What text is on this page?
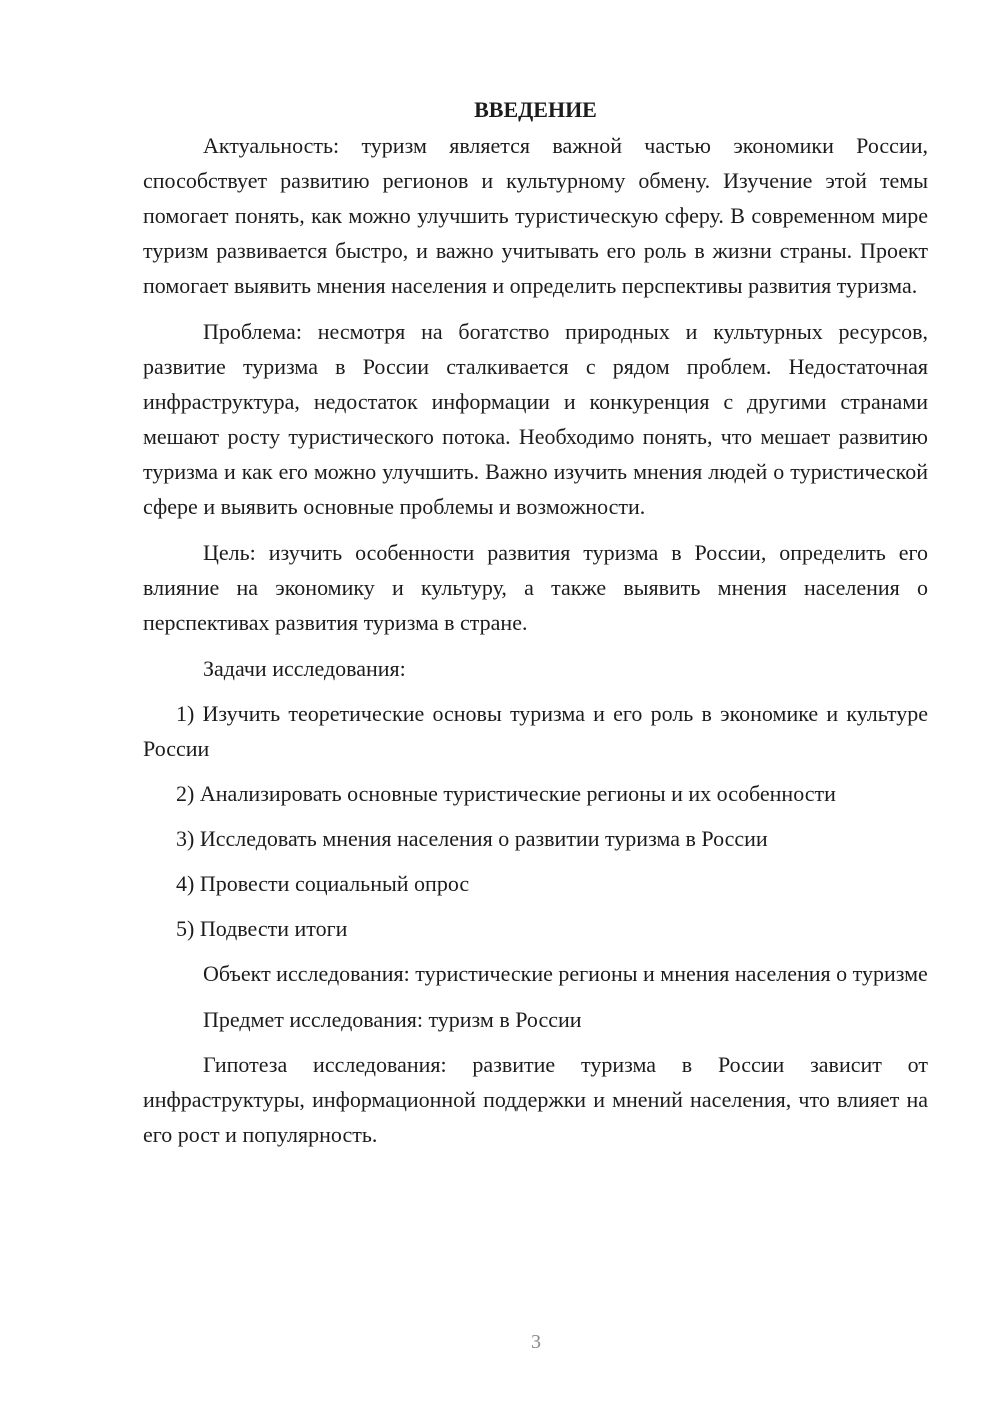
ВВЕДЕНИЕ

Актуальность: туризм является важной частью экономики России, способствует развитию регионов и культурному обмену. Изучение этой темы помогает понять, как можно улучшить туристическую сферу. В современном мире туризм развивается быстро, и важно учитывать его роль в жизни страны. Проект помогает выявить мнения населения и определить перспективы развития туризма.

Проблема: несмотря на богатство природных и культурных ресурсов, развитие туризма в России сталкивается с рядом проблем. Недостаточная инфраструктура, недостаток информации и конкуренция с другими странами мешают росту туристического потока. Необходимо понять, что мешает развитию туризма и как его можно улучшить. Важно изучить мнения людей о туристической сфере и выявить основные проблемы и возможности.

Цель: изучить особенности развития туризма в России, определить его влияние на экономику и культуру, а также выявить мнения населения о перспективах развития туризма в стране.

Задачи исследования:

1) Изучить теоретические основы туризма и его роль в экономике и культуре России

2) Анализировать основные туристические регионы и их особенности

3) Исследовать мнения населения о развитии туризма в России

4) Провести социальный опрос

5) Подвести итоги

Объект исследования: туристические регионы и мнения населения о туризме

Предмет исследования: туризм в России

Гипотеза исследования: развитие туризма в России зависит от инфраструктуры, информационной поддержки и мнений населения, что влияет на его рост и популярность.

3
